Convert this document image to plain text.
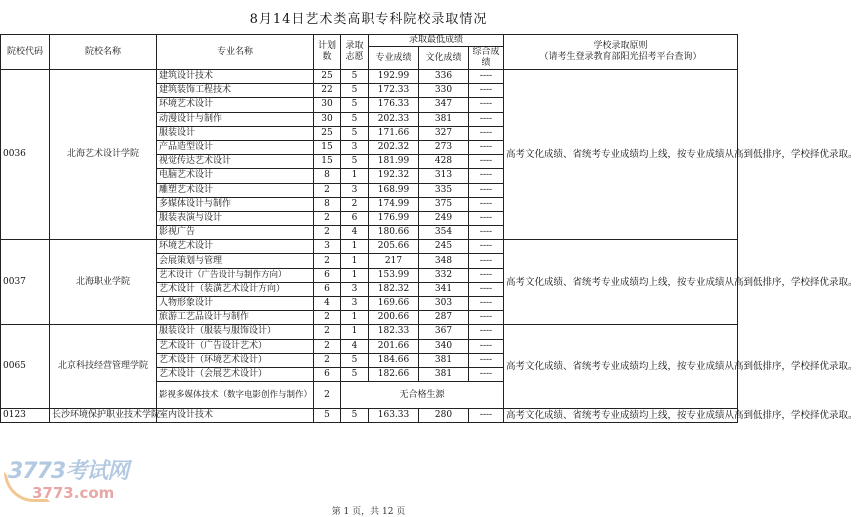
8月14日艺术类高职专科院校录取情况
院校代码	院校名称	专业名称	计划数	录取志愿	录取最低成绩			学校录取原则
（请考生登录教育部阳光招考平台查询）

					专业成绩	文化成绩	综合成绩	
0036	北海艺术设计学院	建筑设计技术	25	5	192.99	336	----	高考文化成绩、省统考专业成绩均上线，按专业成绩从高到低排序，学校择优录取。
		建筑装饰工程技术	22	5	172.33	330	----	
		环境艺术设计	30	5	176.33	347	----	
		动漫设计与制作	30	5	202.33	381	----	
		服装设计	25	5	171.66	327	----	
		产品造型设计	15	3	202.32	273	----	
		视觉传达艺术设计	15	5	181.99	428	----	
		电脑艺术设计	8	1	192.32	313	----	
		雕塑艺术设计	2	3	168.99	335	----	
		多媒体设计与制作	8	2	174.99	375	----	
		服装表演与设计	2	6	176.99	249	----	
		影视广告	2	4	180.66	354	----	
0037	北海职业学院	环境艺术设计	3	1	205.66	245	----	高考文化成绩、省统考专业成绩均上线，按专业成绩从高到低排序，学校择优录取。
		会展策划与管理	2	1	217	348	----	
		艺术设计（广告设计与制作方向）	6	1	153.99	332	----	
		艺术设计（装潢艺术设计方向）	6	3	182.32	341	----	
		人物形象设计	4	3	169.66	303	----	
		旅游工艺品设计与制作	2	1	200.66	287	----	
0065	北京科技经营管理学院	服装设计（服装与服饰设计）	2	1	182.33	367	----	高考文化成绩、省统考专业成绩均上线，按专业成绩从高到低排序，学校择优录取。
		艺术设计（广告设计艺术）	2	4	201.66	340	----	
		艺术设计（环境艺术设计）	2	5	184.66	381	----	
		艺术设计（会展艺术设计）	6	5	182.66	381	----	
		影视多媒体技术（数字电影创作与制作）	2	无合格生源				
0123	长沙环境保护职业技术学院	室内设计技术	5	5	163.33	280	----	高考文化成绩、省统考专业成绩均上线，按专业成绩从高到低排序，学校择优录取。
3773考试网
3773.com
第 1 页，共 12 页
